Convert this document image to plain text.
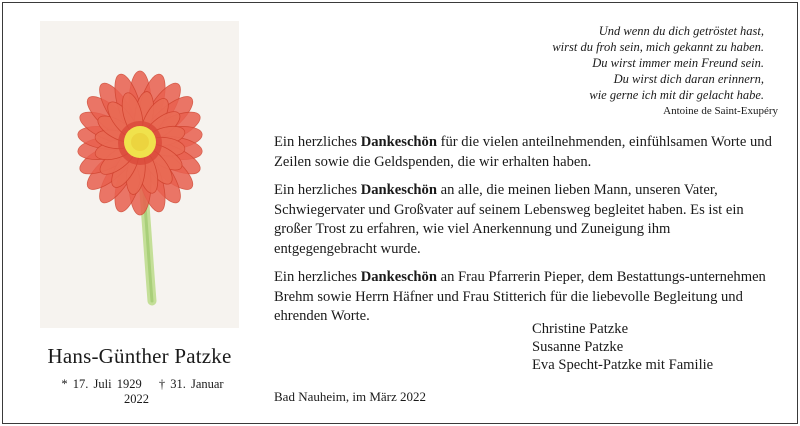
Hans-Günther Patzke
* 17. Juli 1929 † 31. Januar 2022
Und wenn du dich getröstet hast,
wirst du froh sein, mich gekannt zu haben.
Du wirst immer mein Freund sein.
Du wirst dich daran erinnern,
wie gerne ich mit dir gelacht habe.
Antoine de Saint-Exupéry

Ein herzliches Dankeschön für die vielen anteilnehmenden, einfühlsamen Worte und Zeilen sowie die Geldspenden, die wir erhalten haben.

Ein herzliches Dankeschön an alle, die meinen lieben Mann, unseren Vater, Schwiegervater und Großvater auf seinem Lebensweg begleitet haben. Es ist ein großer Trost zu erfahren, wie viel Anerkennung und Zuneigung ihm entgegengebracht wurde.

Ein herzliches Dankeschön an Frau Pfarrerin Pieper, dem Bestattungs-unternehmen Brehm sowie Herrn Häfner und Frau Stitterich für die liebevolle Begleitung und ehrenden Worte.

Christine Patzke
Susanne Patzke
Eva Specht-Patzke mit Familie
Bad Nauheim, im März 2022
